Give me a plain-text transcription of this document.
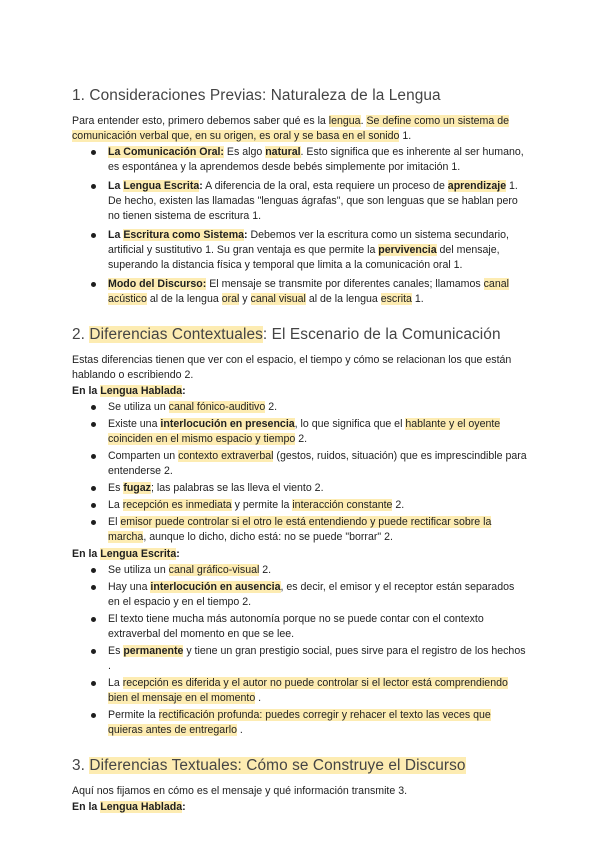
1. Consideraciones Previas: Naturaleza de la Lengua

Para entender esto, primero debemos saber qué es la lengua. Se define como un sistema de comunicación verbal que, en su origen, es oral y se basa en el sonido 1.

La Comunicación Oral: Es algo natural. Esto significa que es inherente al ser humano, es espontánea y la aprendemos desde bebés simplemente por imitación 1.
La Lengua Escrita: A diferencia de la oral, esta requiere un proceso de aprendizaje 1. De hecho, existen las llamadas "lenguas ágrafas", que son lenguas que se hablan pero no tienen sistema de escritura 1.
La Escritura como Sistema: Debemos ver la escritura como un sistema secundario, artificial y sustitutivo 1. Su gran ventaja es que permite la pervivencia del mensaje, superando la distancia física y temporal que limita a la comunicación oral 1.
Modo del Discurso: El mensaje se transmite por diferentes canales; llamamos canal acústico al de la lengua oral y canal visual al de la lengua escrita 1.
2. Diferencias Contextuales: El Escenario de la Comunicación

Estas diferencias tienen que ver con el espacio, el tiempo y cómo se relacionan los que están hablando o escribiendo 2.

En la Lengua Hablada:
Se utiliza un canal fónico-auditivo 2.
Existe una interlocución en presencia, lo que significa que el hablante y el oyente coinciden en el mismo espacio y tiempo 2.
Comparten un contexto extraverbal (gestos, ruidos, situación) que es imprescindible para entenderse 2.
Es fugaz; las palabras se las lleva el viento 2.
La recepción es inmediata y permite la interacción constante 2.
El emisor puede controlar si el otro le está entendiendo y puede rectificar sobre la marcha, aunque lo dicho, dicho está: no se puede "borrar" 2.
En la Lengua Escrita:
Se utiliza un canal gráfico-visual 2.
Hay una interlocución en ausencia, es decir, el emisor y el receptor están separados en el espacio y en el tiempo 2.
El texto tiene mucha más autonomía porque no se puede contar con el contexto extraverbal del momento en que se lee.
Es permanente y tiene un gran prestigio social, pues sirve para el registro de los hechos .
La recepción es diferida y el autor no puede controlar si el lector está comprendiendo bien el mensaje en el momento .
Permite la rectificación profunda: puedes corregir y rehacer el texto las veces que quieras antes de entregarlo .
3. Diferencias Textuales: Cómo se Construye el Discurso

Aquí nos fijamos en cómo es el mensaje y qué información transmite 3.

En la Lengua Hablada:
